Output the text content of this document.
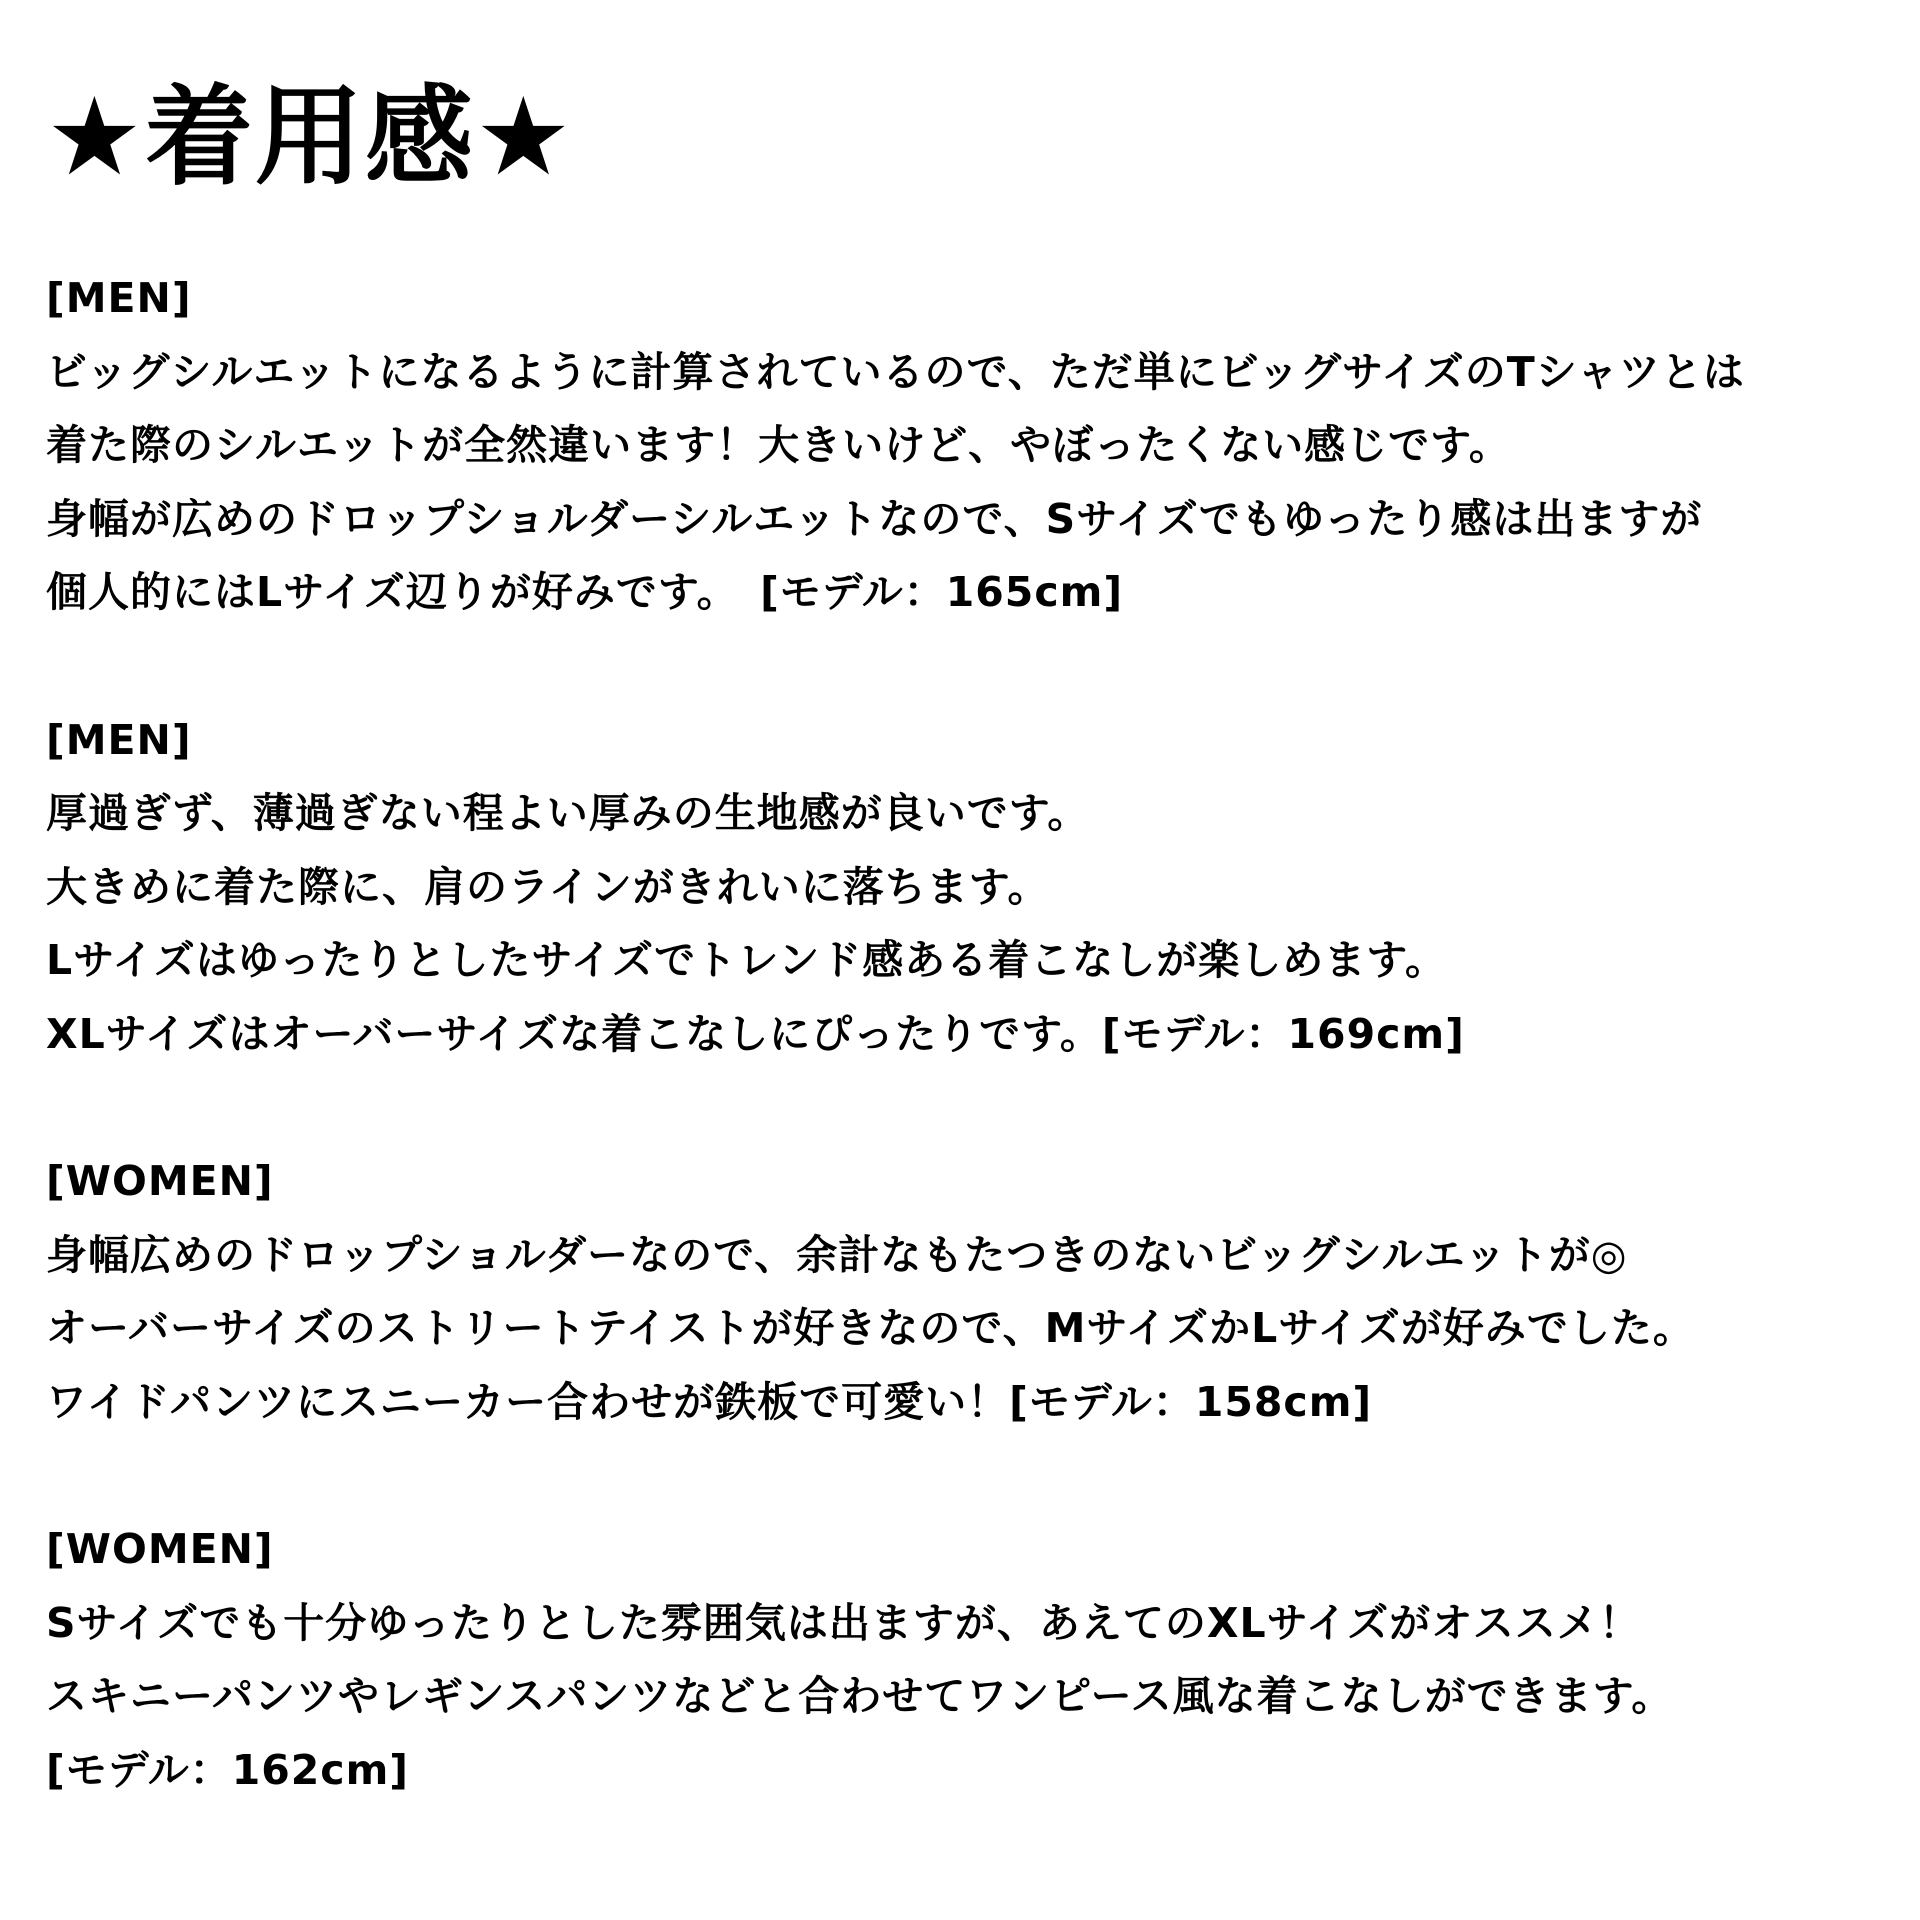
★着用感★
[MEN]
ビッグシルエットになるように計算されているので、ただ単にビッグサイズのTシャツとは
着た際のシルエットが全然違います！大きいけど、やぼったくない感じです。
身幅が広めのドロップショルダーシルエットなので、Sサイズでもゆったり感は出ますが
個人的にはLサイズ辺りが好みです。　[モデル：165cm]
[MEN]
厚過ぎず、薄過ぎない程よい厚みの生地感が良いです。
大きめに着た際に、肩のラインがきれいに落ちます。
Lサイズはゆったりとしたサイズでトレンド感ある着こなしが楽しめます。
XLサイズはオーバーサイズな着こなしにぴったりです。[モデル：169cm]
[WOMEN]
身幅広めのドロップショルダーなので、余計なもたつきのないビッグシルエットが◎
オーバーサイズのストリートテイストが好きなので、MサイズかLサイズが好みでした。
ワイドパンツにスニーカー合わせが鉄板で可愛い！[モデル：158cm]
[WOMEN]
Sサイズでも十分ゆったりとした雰囲気は出ますが、あえてのXLサイズがオススメ！
スキニーパンツやレギンスパンツなどと合わせてワンピース風な着こなしができます。
[モデル：162cm]
